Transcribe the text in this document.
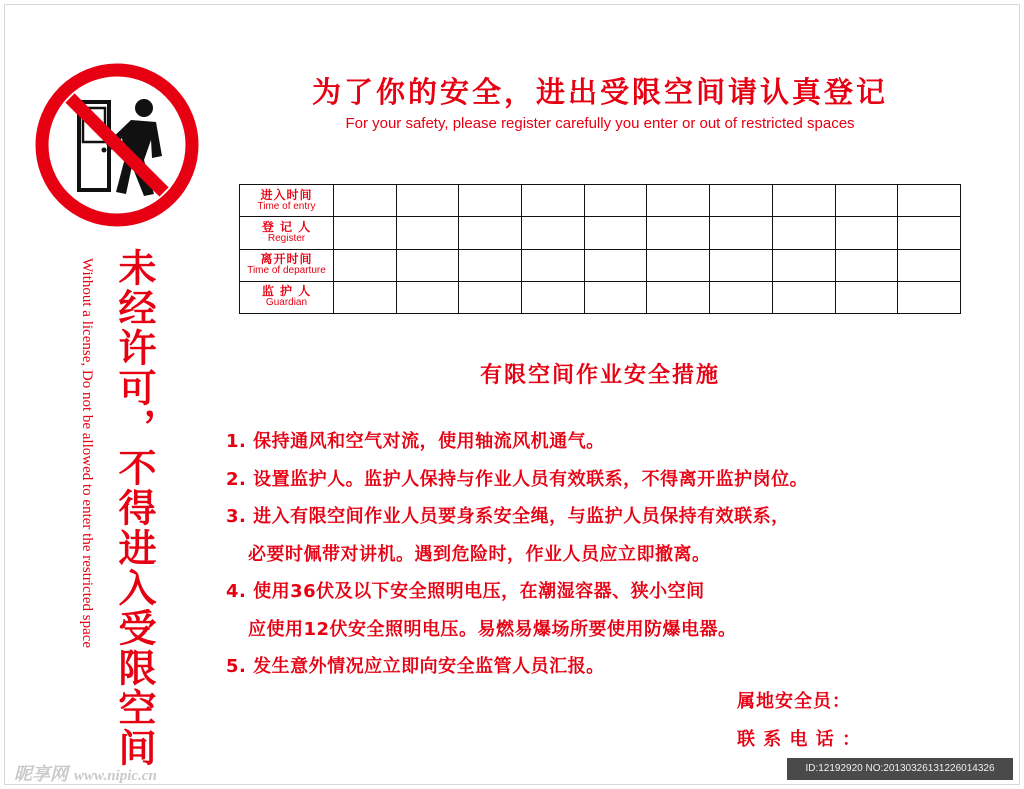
未经许可，不得进入受限空间
Without a license, Do not be allowed to enter the restricted space
为了你的安全，进出受限空间请认真登记
For your safety, please register carefully you enter or out of restricted spaces
进入时间
Time of entry										

登 记 人
Register										

离开时间
Time of departure										

监 护 人
Guardian										

有限空间作业安全措施
1. 保持通风和空气对流，使用轴流风机通气。
2. 设置监护人。监护人保持与作业人员有效联系，不得离开监护岗位。
3. 进入有限空间作业人员要身系安全绳，与监护人员保持有效联系，
必要时佩带对讲机。遇到危险时，作业人员应立即撤离。
4. 使用36伏及以下安全照明电压，在潮湿容器、狭小空间
应使用12伏安全照明电压。易燃易爆场所要使用防爆电器。
5. 发生意外情况应立即向安全监管人员汇报。
属地安全员：
联 系 电 话 ：
昵享网 www.nipic.cn	ID:12192920 NO:20130326131226014326
